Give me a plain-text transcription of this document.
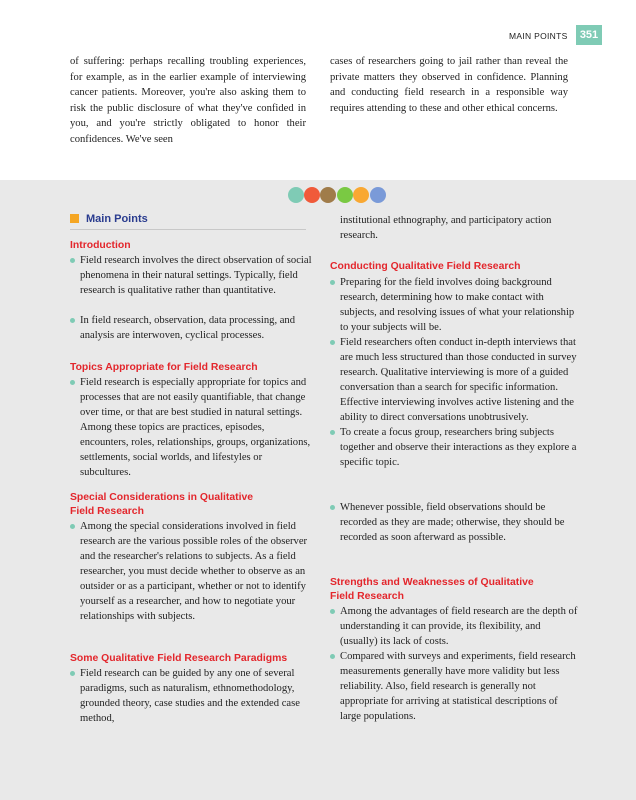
MAIN POINTS	351
of suffering: perhaps recalling troubling experiences, for example, as in the earlier example of interviewing cancer patients. Moreover, you're also asking them to risk the public disclosure of what they've confided in you, and you're strictly obligated to honor their confidences. We've seen
cases of researchers going to jail rather than reveal the private matters they observed in confidence. Planning and conducting field research in a responsible way requires attending to these and other ethical concerns.
Main Points
Introduction
Field research involves the direct observation of social phenomena in their natural settings. Typically, field research is qualitative rather than quantitative.
In field research, observation, data processing, and analysis are interwoven, cyclical processes.
Topics Appropriate for Field Research
Field research is especially appropriate for topics and processes that are not easily quantifiable, that change over time, or that are best studied in natural settings. Among these topics are practices, episodes, encounters, roles, relationships, groups, organizations, settlements, social worlds, and lifestyles or subcultures.
Special Considerations in Qualitative Field Research
Among the special considerations involved in field research are the various possible roles of the observer and the researcher's relations to subjects. As a field researcher, you must decide whether to observe as an outsider or as a participant, whether or not to identify yourself as a researcher, and how to negotiate your relationships with subjects.
Some Qualitative Field Research Paradigms
Field research can be guided by any one of several paradigms, such as naturalism, ethnomethodology, grounded theory, case studies and the extended case method,
institutional ethnography, and participatory action research.
Conducting Qualitative Field Research
Preparing for the field involves doing background research, determining how to make contact with subjects, and resolving issues of what your relationship to your subjects will be.
Field researchers often conduct in-depth interviews that are much less structured than those conducted in survey research. Qualitative interviewing is more of a guided conversation than a search for specific information. Effective interviewing involves active listening and the ability to direct conversations unobtrusively.
To create a focus group, researchers bring subjects together and observe their interactions as they explore a specific topic.
Whenever possible, field observations should be recorded as they are made; otherwise, they should be recorded as soon afterward as possible.
Strengths and Weaknesses of Qualitative Field Research
Among the advantages of field research are the depth of understanding it can provide, its flexibility, and (usually) its lack of costs.
Compared with surveys and experiments, field research measurements generally have more validity but less reliability. Also, field research is generally not appropriate for arriving at statistical descriptions of large populations.
